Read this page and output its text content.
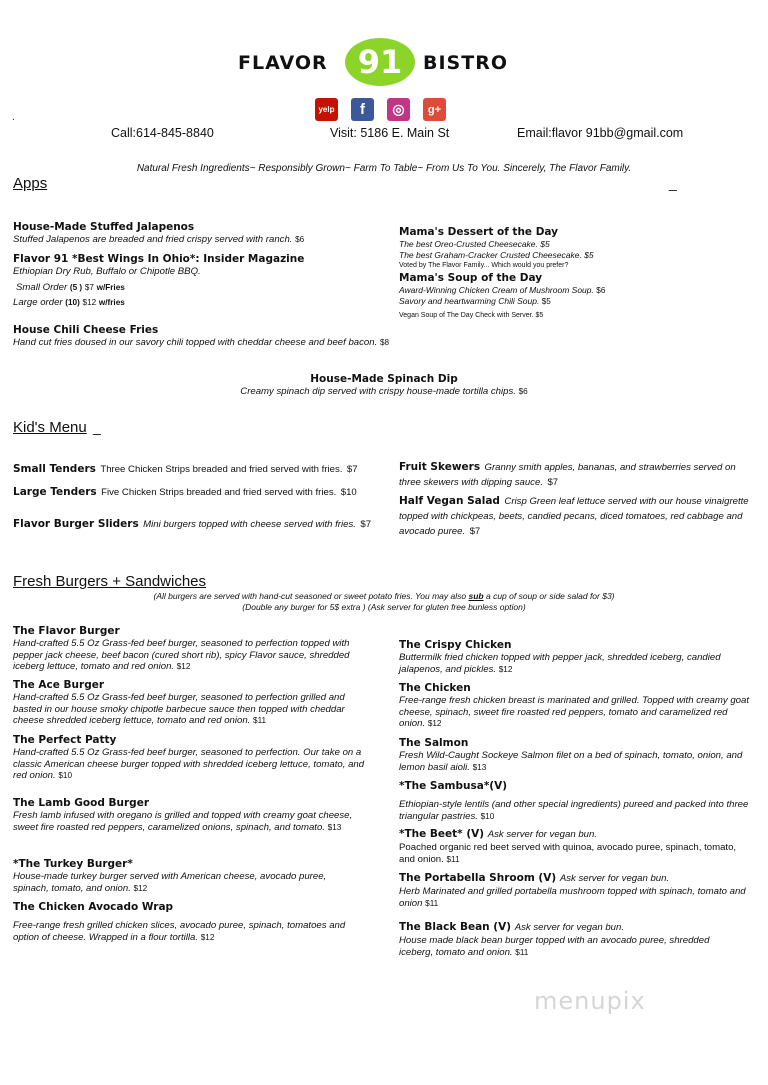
FLAVOR 91	BISTRO
yelp f ◎ g+
.
Call:614-845-8840	Visit: 5186 E. Main St	Email:flavor 91bb@gmail.com
Natural Fresh Ingredients~ Responsibly Grown~ Farm To Table~ From Us To You. Sincerely, The Flavor Family.
Apps	_
House-Made Stuffed Jalapenos
Stuffed Jalapenos are breaded and fried crispy served with ranch. $6
Flavor 91 *Best Wings In Ohio*: Insider Magazine
Ethiopian Dry Rub, Buffalo or Chipotle BBQ.
Small Order (5 ) $7 w/Fries
Large order (10) $12 w/fries
House Chili Cheese Fries
Hand cut fries doused in our savory chili topped with cheddar cheese and beef bacon. $8
House-Made Spinach Dip
Creamy spinach dip served with crispy house-made tortilla chips. $6
Mama's Dessert of the Day
The best Oreo-Crusted Cheesecake. $5
The best Graham-Cracker Crusted Cheesecake. $5
Voted by The Flavor Family... Which would you prefer?
Mama's Soup of the Day
Award-Winning Chicken Cream of Mushroom Soup. $6
Savory and heartwarming Chili Soup. $5
Vegan Soup of The Day Check with Server. $5
Kid's Menu _
Small Tenders Three Chicken Strips breaded and fried served with fries. $7
Large Tenders Five Chicken Strips breaded and fried served with fries. $10
Flavor Burger Sliders Mini burgers topped with cheese served with fries. $7
Fruit Skewers Granny smith apples, bananas, and strawberries served on three skewers with dipping sauce. $7
Half Vegan Salad Crisp Green leaf lettuce served with our house vinaigrette topped with chickpeas, beets, candied pecans, diced tomatoes, red cabbage and avocado puree. $7
Fresh Burgers + Sandwiches
(All burgers are served with hand-cut seasoned or sweet potato fries. You may also sub a cup of soup or side salad for $3)
(Double any burger for 5$ extra ) (Ask server for gluten free bunless option)
The Flavor Burger
Hand-crafted 5.5 Oz Grass-fed beef burger, seasoned to perfection topped with pepper jack cheese, beef bacon (cured short rib), spicy Flavor sauce, shredded iceberg lettuce, tomato and red onion. $12
The Ace Burger
Hand-crafted 5.5 Oz Grass-fed beef burger, seasoned to perfection grilled and basted in our house smoky chipotle barbecue sauce then topped with cheddar cheese shredded iceberg lettuce, tomato and red onion. $11
The Perfect Patty
Hand-crafted 5.5 Oz Grass-fed beef burger, seasoned to perfection. Our take on a classic American cheese burger topped with shredded iceberg lettuce, tomato, and red onion. $10
The Lamb Good Burger
Fresh lamb infused with oregano is grilled and topped with creamy goat cheese, sweet fire roasted red peppers, caramelized onions, spinach, and tomato. $13
*The Turkey Burger*
House-made turkey burger served with American cheese, avocado puree, spinach, tomato, and onion. $12
The Chicken Avocado Wrap
Free-range fresh grilled chicken slices, avocado puree, spinach, tomatoes and option of cheese. Wrapped in a flour tortilla. $12
The Crispy Chicken
Buttermilk fried chicken topped with pepper jack, shredded iceberg, candied jalapenos, and pickles. $12
The Chicken
Free-range fresh chicken breast is marinated and grilled. Topped with creamy goat cheese, spinach, sweet fire roasted red peppers, tomato and caramelized red onion. $12
The Salmon
Fresh Wild-Caught Sockeye Salmon filet on a bed of spinach, tomato, onion, and lemon basil aioli. $13
*The Sambusa*(V)
Ethiopian-style lentils (and other special ingredients) pureed and packed into three triangular pastries. $10
*The Beet* (V) Ask server for vegan bun.
Poached organic red beet served with quinoa, avocado puree, spinach, tomato, and onion. $11
The Portabella Shroom (V) Ask server for vegan bun.
Herb Marinated and grilled portabella mushroom topped with spinach, tomato and onion $11
The Black Bean (V) Ask server for vegan bun.
House made black bean burger topped with an avocado puree, shredded iceberg, tomato and onion. $11
menupix
